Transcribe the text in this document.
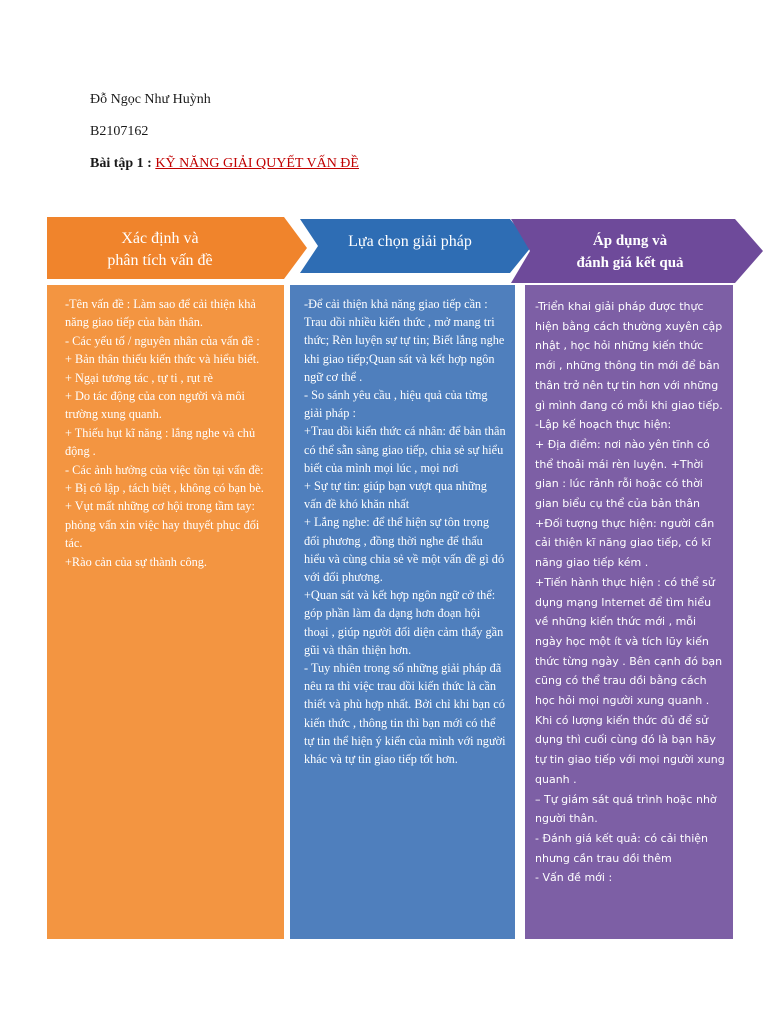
Đỗ Ngọc Như Huỳnh
B2107162
Bài tập 1 : KỸ NĂNG GIẢI QUYẾT VẤN ĐỀ
Xác định và
phân tích vấn đề
Lựa chọn giải pháp	Áp dụng và
đánh giá kết quả
-Tên vấn đề : Làm sao để cải thiện khả năng giao tiếp của bản thân.
- Các yếu tố / nguyên nhân của vấn đề :
+ Bản thân thiếu kiến thức và hiểu biết.
+ Ngại tương tác , tự ti , rụt rè
+ Do tác động của con người và môi trường xung quanh.
+ Thiếu hụt kĩ năng : lắng nghe và chủ động .
- Các ảnh hưởng của việc tồn tại vấn đề:
+ Bị cô lập , tách biệt , không có bạn bè.
+ Vụt mất những cơ hội trong tầm tay: phỏng vấn xin việc hay thuyết phục đối tác.
+Rào cản của sự thành công.
-Để cải thiện khả năng giao tiếp cần : Trau dồi nhiều kiến thức , mở mang tri thức; Rèn luyện sự tự tin; Biết lắng nghe khi giao tiếp;Quan sát và kết hợp ngôn ngữ cơ thể .
- So sánh yêu cầu , hiệu quả của từng giải pháp :
+Trau dồi kiến thức cá nhân: để bản thân có thể sẵn sàng giao tiếp, chia sẻ sự hiểu biết của mình mọi lúc , mọi nơi
+ Sự tự tin: giúp bạn vượt qua những vấn đề khó khăn nhất
+ Lắng nghe: để thể hiện sự tôn trọng đối phương , đồng thời nghe để thấu hiểu và cùng chia sẻ về một vấn đề gì đó với đối phương.
+Quan sát và kết hợp ngôn ngữ cở thể: góp phần làm đa dạng hơn đoạn hội thoại , giúp người đối diện cảm thấy gần gũi và thân thiện hơn.
- Tuy nhiên trong số những giải pháp đã nêu ra thì việc trau dồi kiến thức là cần thiết và phù hợp nhất. Bởi chỉ khi bạn có kiến thức , thông tin thì bạn mới có thể tự tin thể hiện ý kiến của mình với người khác và tự tin giao tiếp tốt hơn.
-Triển khai giải pháp được thực hiện bằng cách thường xuyên cập nhật , học hỏi những kiến thức mới , những thông tin mới để bản thân trở nên tự tin hơn với những gì mình đang có mỗi khi giao tiếp.
-Lập kế hoạch thực hiện:
+ Địa điểm: nơi nào yên tĩnh có thể thoải mái rèn luyện. +Thời gian : lúc rảnh rỗi hoặc có thời gian biểu cụ thể của bản thân
+Đối tượng thực hiện: người cần cải thiện kĩ năng giao tiếp, có kĩ năng giao tiếp kém .
+Tiến hành thực hiện : có thể sử dụng mạng Internet để tìm hiểu về những kiến thức mới , mỗi ngày học một ít và tích lũy kiến thức từng ngày . Bên cạnh đó bạn cũng có thể trau dồi bằng cách học hỏi mọi người xung quanh . Khi có lượng kiến thức đủ để sử dụng thì cuối cùng đó là bạn hãy tự tin giao tiếp với mọi người xung quanh .
– Tự giám sát quá trình hoặc nhờ người thân.
- Đánh giá kết quả: có cải thiện nhưng cần trau dồi thêm
- Vấn đề mới :
